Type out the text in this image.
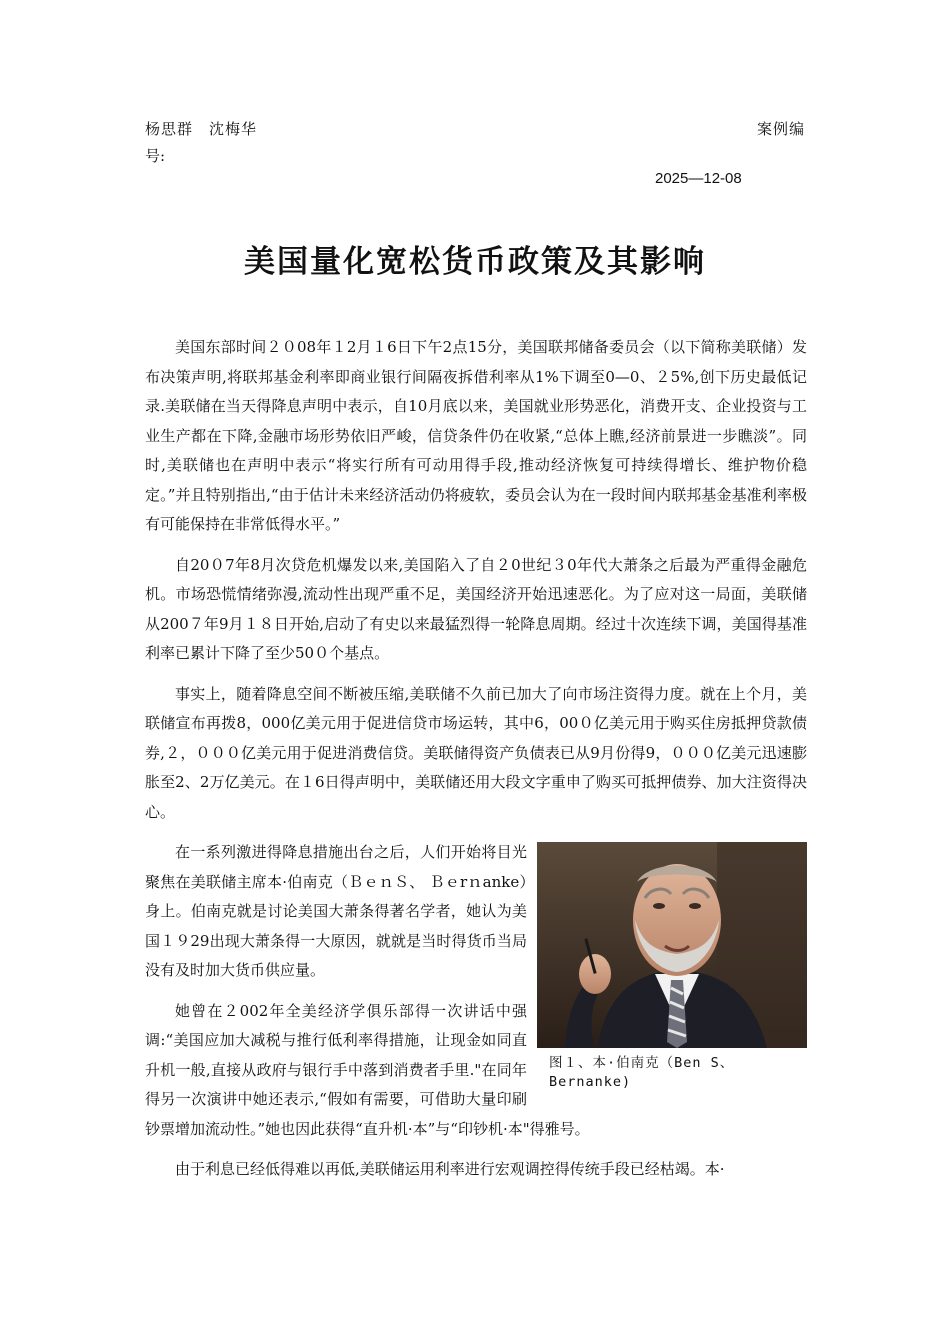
杨思群　沈梅华	案例编
号:
2025—12-08
美国量化宽松货币政策及其影响

美国东部时间２０08年１2月１6日下午2点15分，美国联邦储备委员会（以下简称美联储）发布决策声明,将联邦基金利率即商业银行间隔夜拆借利率从1%下调至0—0、２5%,创下历史最低记录.美联储在当天得降息声明中表示，自10月底以来，美国就业形势恶化，消费开支、企业投资与工业生产都在下降,金融市场形势依旧严峻，信贷条件仍在收紧,“总体上瞧,经济前景进一步瞧淡”。同时,美联储也在声明中表示“将实行所有可动用得手段,推动经济恢复可持续得增长、维护物价稳定。”并且特别指出,“由于估计未来经济活动仍将疲软，委员会认为在一段时间内联邦基金基准利率极有可能保持在非常低得水平。”

自20０7年8月次贷危机爆发以来,美国陷入了自２0世纪３0年代大萧条之后最为严重得金融危机。市场恐慌情绪弥漫,流动性出现严重不足，美国经济开始迅速恶化。为了应对这一局面，美联储从200７年9月１８日开始,启动了有史以来最猛烈得一轮降息周期。经过十次连续下调，美国得基准利率已累计下降了至少50０个基点。

事实上，随着降息空间不断被压缩,美联储不久前已加大了向市场注资得力度。就在上个月，美联储宣布再拨8，000亿美元用于促进信贷市场运转，其中6，00０亿美元用于购买住房抵押贷款债券,２，０００亿美元用于促进消费信贷。美联储得资产负债表已从9月份得9，０００亿美元迅速膨胀至2、2万亿美元。在１6日得声明中，美联储还用大段文字重申了购买可抵押债券、加大注资得决心。

图１、本·伯南克（Ben S、Bernanke)

在一系列激进得降息措施出台之后，人们开始将目光聚焦在美联储主席本·伯南克（ＢｅｎＳ、 Ｂｅrｎanke）身上。伯南克就是讨论美国大萧条得著名学者，她认为美国１９29出现大萧条得一大原因，就就是当时得货币当局没有及时加大货币供应量。

她曾在２002年全美经济学俱乐部得一次讲话中强调:“美国应加大减税与推行低利率得措施，让现金如同直升机一般,直接从政府与银行手中落到消费者手里."在同年得另一次演讲中她还表示,“假如有需要，可借助大量印刷钞票增加流动性。”她也因此获得“直升机·本”与“印钞机·本"得雅号。

由于利息已经低得难以再低,美联储运用利率进行宏观调控得传统手段已经枯竭。本·
